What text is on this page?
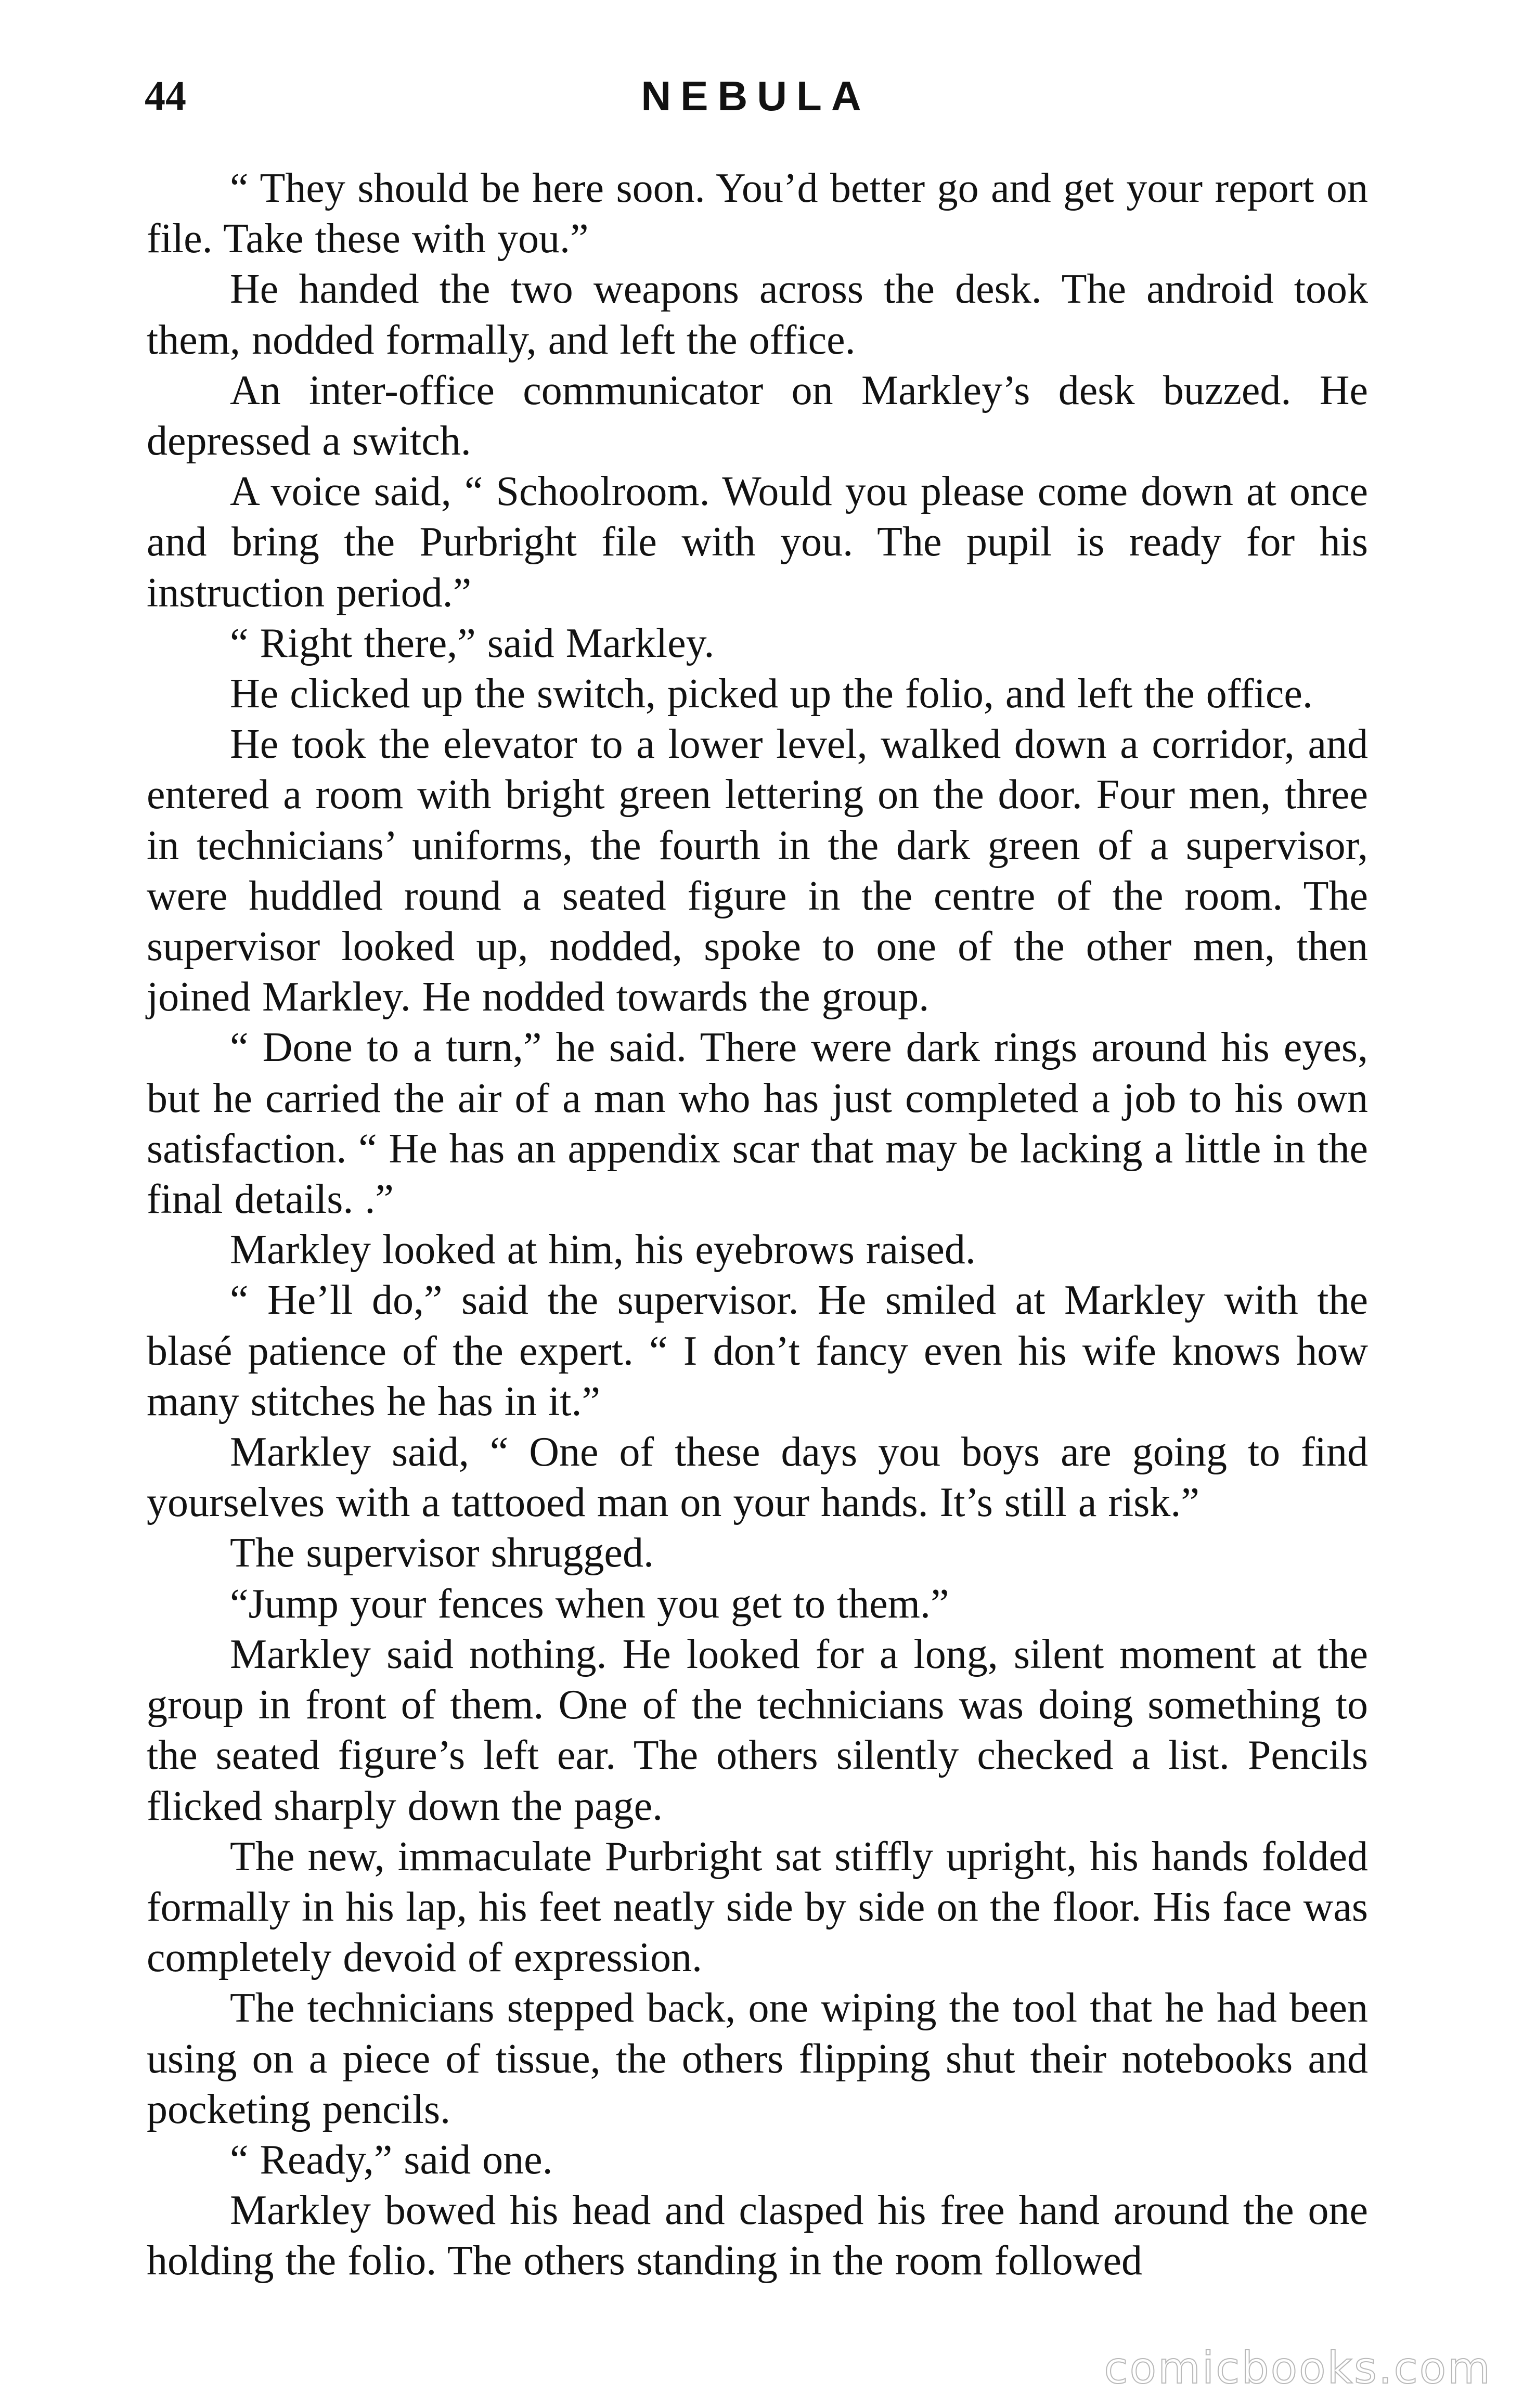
44	NEBULA

“ They should be here soon. You’d better go and get your report on file. Take these with you.”

He handed the two weapons across the desk. The android took them, nodded formally, and left the office.

An inter-office communicator on Markley’s desk buzzed. He depressed a switch.

A voice said, “ Schoolroom. Would you please come down at once and bring the Purbright file with you. The pupil is ready for his instruction period.”

“ Right there,” said Markley.

He clicked up the switch, picked up the folio, and left the office.

He took the elevator to a lower level, walked down a corridor, and entered a room with bright green lettering on the door. Four men, three in technicians’ uniforms, the fourth in the dark green of a supervisor, were huddled round a seated figure in the centre of the room. The supervisor looked up, nodded, spoke to one of the other men, then joined Markley. He nodded towards the group.

“ Done to a turn,” he said. There were dark rings around his eyes, but he carried the air of a man who has just completed a job to his own satisfaction. “ He has an appendix scar that may be lacking a little in the final details. .”

Markley looked at him, his eyebrows raised.

“ He’ll do,” said the supervisor. He smiled at Markley with the blasé patience of the expert. “ I don’t fancy even his wife knows how many stitches he has in it.”

Markley said, “ One of these days you boys are going to find yourselves with a tattooed man on your hands. It’s still a risk.”

The supervisor shrugged.

“Jump your fences when you get to them.”

Markley said nothing. He looked for a long, silent moment at the group in front of them. One of the technicians was doing something to the seated figure’s left ear. The others silently checked a list. Pencils flicked sharply down the page.

The new, immaculate Purbright sat stiffly upright, his hands folded formally in his lap, his feet neatly side by side on the floor. His face was completely devoid of expression.

The technicians stepped back, one wiping the tool that he had been using on a piece of tissue, the others flipping shut their notebooks and pocketing pencils.

“ Ready,” said one.

Markley bowed his head and clasped his free hand around the one holding the folio. The others standing in the room followed

comicbooks.com
